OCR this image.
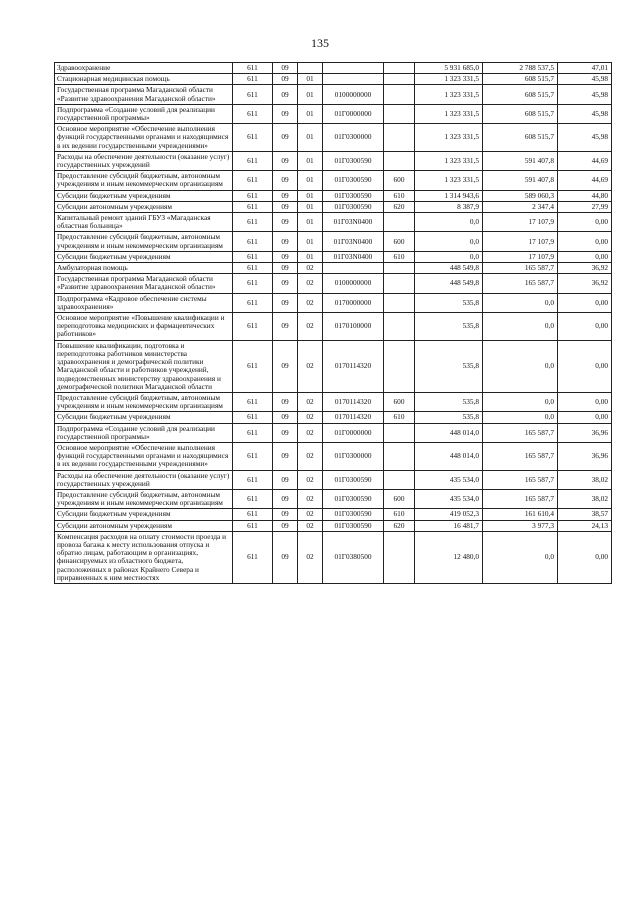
135
Здравоохранение	611	09				5 931 685,0	2 788 537,5	47,01
Стационарная медицинская помощь	611	09	01			1 323 331,5	608 515,7	45,98
Государственная программа Магаданской области «Развитие здравоохранения Магаданской области»	611	09	01	0100000000		1 323 331,5	608 515,7	45,98
Подпрограмма «Создание условий для реализации государственной программы»	611	09	01	01Г0000000		1 323 331,5	608 515,7	45,98
Основное мероприятие «Обеспечение выполнения функций государственными органами и находящимися в их ведении государственными учреждениями»	611	09	01	01Г0300000		1 323 331,5	608 515,7	45,98
Расходы на обеспечение деятельности (оказание услуг) государственных учреждений	611	09	01	01Г0300590		1 323 331,5	591 407,8	44,69
Предоставление субсидий бюджетным, автономным учреждениям и иным некоммерческим организациям	611	09	01	01Г0300590	600	1 323 331,5	591 407,8	44,69
Субсидии бюджетным учреждениям	611	09	01	01Г0300590	610	1 314 943,6	589 060,3	44,80
Субсидии автономным учреждениям	611	09	01	01Г0300590	620	8 387,9	2 347,4	27,99
Капитальный ремонт зданий ГБУЗ «Магаданская областная больница»	611	09	01	01Г03N0400		0,0	17 107,9	0,00
Предоставление субсидий бюджетным, автономным учреждениям и иным некоммерческим организациям	611	09	01	01Г03N0400	600	0,0	17 107,9	0,00
Субсидии бюджетным учреждениям	611	09	01	01Г03N0400	610	0,0	17 107,9	0,00
Амбулаторная помощь	611	09	02			448 549,8	165 587,7	36,92
Государственная программа Магаданской области «Развитие здравоохранения Магаданской области»	611	09	02	0100000000		448 549,8	165 587,7	36,92
Подпрограмма «Кадровое обеспечение системы здравоохранения»	611	09	02	0170000000		535,8	0,0	0,00
Основное мероприятие «Повышение квалификации и переподготовка медицинских и фармацевтических работников»	611	09	02	0170100000		535,8	0,0	0,00
Повышение квалификации, подготовка и переподготовка работников министерства здравоохранения и демографической политики Магаданской области и работников учреждений, подведомственных министерству здравоохранения и демографической политики Магаданской области	611	09	02	0170114320		535,8	0,0	0,00
Предоставление субсидий бюджетным, автономным учреждениям и иным некоммерческим организациям	611	09	02	0170114320	600	535,8	0,0	0,00
Субсидии бюджетным учреждениям	611	09	02	0170114320	610	535,8	0,0	0,00
Подпрограмма «Создание условий для реализации государственной программы»	611	09	02	01Г0000000		448 014,0	165 587,7	36,96
Основное мероприятие «Обеспечение выполнения функций государственными органами и находящимися в их ведении государственными учреждениями»	611	09	02	01Г0300000		448 014,0	165 587,7	36,96
Расходы на обеспечение деятельности (оказание услуг) государственных учреждений	611	09	02	01Г0300590		435 534,0	165 587,7	38,02
Предоставление субсидий бюджетным, автономным учреждениям и иным некоммерческим организациям	611	09	02	01Г0300590	600	435 534,0	165 587,7	38,02
Субсидии бюджетным учреждениям	611	09	02	01Г0300590	610	419 052,3	161 610,4	38,57
Субсидии автономным учреждениям	611	09	02	01Г0300590	620	16 481,7	3 977,3	24,13
Компенсация расходов на оплату стоимости проезда и провоза багажа к месту использования отпуска и обратно лицам, работающим в организациях, финансируемых из областного бюджета, расположенных в районах Крайнего Севера и приравненных к ним местностях	611	09	02	01Г0380500		12 480,0	0,0	0,00
